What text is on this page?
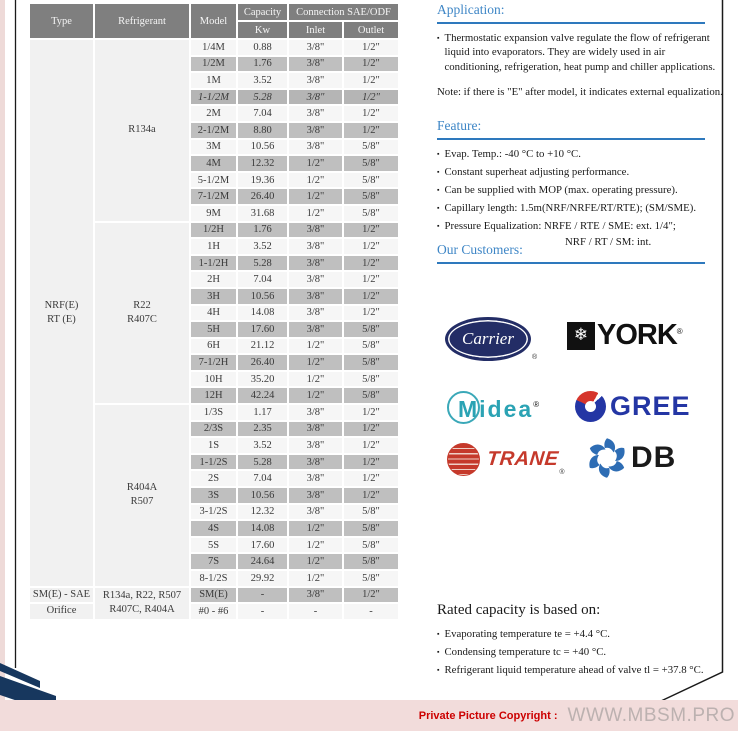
Type	Refrigerant	Model	Capacity	Connection SAE/ODF	
			Kw	Inlet	Outlet
NRF(E)
RT (E)	R134a	1/4M	0.88	3/8"	1/2"
		1/2M	1.76	3/8"	1/2"
		1M	3.52	3/8"	1/2"
		1-1/2M	5.28	3/8"	1/2"
		2M	7.04	3/8"	1/2"
		2-1/2M	8.80	3/8"	1/2"
		3M	10.56	3/8"	5/8"
		4M	12.32	1/2"	5/8"
		5-1/2M	19.36	1/2"	5/8"
		7-1/2M	26.40	1/2"	5/8"
		9M	31.68	1/2"	5/8"
	R22
R407C	1/2H	1.76	3/8"	1/2"
		1H	3.52	3/8"	1/2"
		1-1/2H	5.28	3/8"	1/2"
		2H	7.04	3/8"	1/2"
		3H	10.56	3/8"	1/2"
		4H	14.08	3/8"	1/2"
		5H	17.60	3/8"	5/8"
		6H	21.12	1/2"	5/8"
		7-1/2H	26.40	1/2"	5/8"
		10H	35.20	1/2"	5/8"
		12H	42.24	1/2"	5/8"
	R404A
R507	1/3S	1.17	3/8"	1/2"
		2/3S	2.35	3/8"	1/2"
		1S	3.52	3/8"	1/2"
		1-1/2S	5.28	3/8"	1/2"
		2S	7.04	3/8"	1/2"
		3S	10.56	3/8"	1/2"
		3-1/2S	12.32	3/8"	5/8"
		4S	14.08	1/2"	5/8"
		5S	17.60	1/2"	5/8"
		7S	24.64	1/2"	5/8"
		8-1/2S	29.92	1/2"	5/8"
SM(E) - SAE	R134a, R22, R507
R407C, R404A	SM(E)	-	3/8"	1/2"
Orifice		#0 - #6	-	-	-
Application:
▪ Thermostatic expansion valve regulate the flow of refrigerant liquid into evaporators. They are widely used in air conditioning, refrigeration, heat pump and chiller applications.
Note: if there is "E" after model, it indicates external equalization.
Feature:
▪ Evap. Temp.: -40 °C to +10 °C.
▪ Constant superheat adjusting performance.
▪ Can be supplied with MOP (max. operating pressure).
▪ Capillary length: 1.5m(NRF/NRFE/RT/RTE); (SM/SME).
▪ Pressure Equalization: NRFE / RTE / SME: ext. 1/4";
NRF / RT / SM: int.
Our Customers:
Carrier
®
❄ YORK ®
Midea ®	GREE
TRANE
® DB
Rated capacity is based on:
▪ Evaporating temperature te = +4.4 °C.
▪ Condensing temperature tc = +40 °C.
▪ Refrigerant liquid temperature ahead of valve tl = +37.8 °C.
Private Picture Copyright : WWW.MBSM.PRO
